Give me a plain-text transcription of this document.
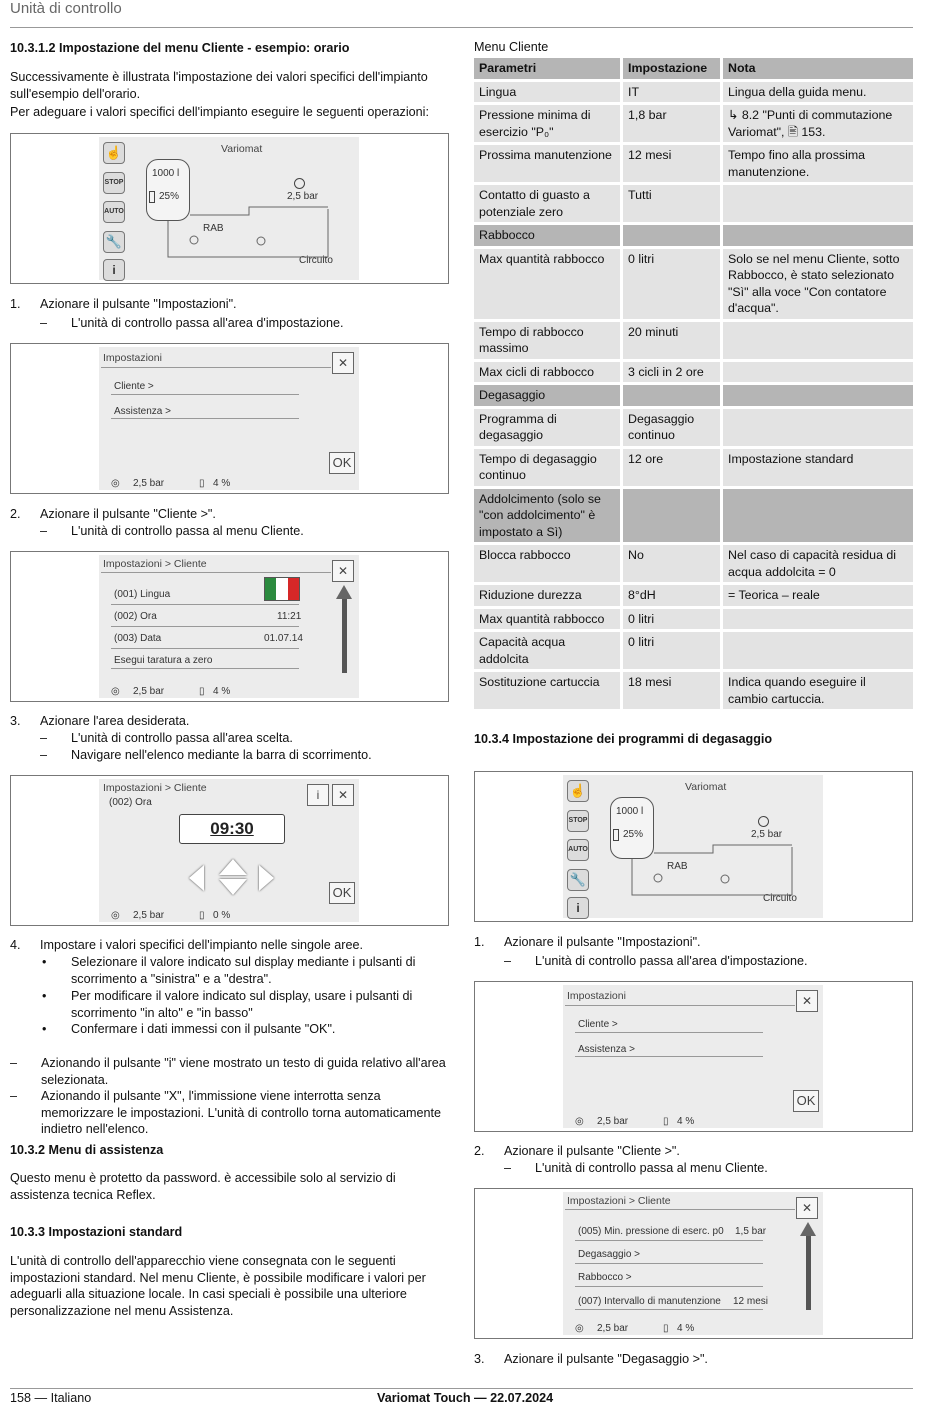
Unità di controllo
10.3.1.2 Impostazione del menu Cliente - esempio: orario

Successivamente è illustrata l'impostazione dei valori specifici dell'impianto sull'esempio dell'orario.

Per adeguare i valori specifici dell'impianto eseguire le seguenti operazioni:

☝
STOP
AUTO
🔧
i
Variomat
1000 l
25%	2,5 bar
RAB
Circuito
1. Azionare il pulsante "Impostazioni".
– L'unità di controllo passa all'area d'impostazione.
Impostazioni
Cliente >
Assistenza >
✕
OK
◎ 2,5 bar	▯ 4 %
2. Azionare il pulsante "Cliente >".
– L'unità di controllo passa al menu Cliente.
Impostazioni > Cliente
(001) Lingua
(002) Ora	11:21
(003) Data	01.07.14
Esegui taratura a zero
✕
◎ 2,5 bar	▯ 4 %
3. Azionare l'area desiderata.
– L'unità di controllo passa all'area scelta.
– Navigare nell'elenco mediante la barra di scorrimento.
Impostazioni > Cliente
(002) Ora
09:30
i	✕
OK
◎ 2,5 bar	▯ 0 %
4. Impostare i valori specifici dell'impianto nelle singole aree.
• Selezionare il valore indicato sul display mediante i pulsanti di scorrimento a "sinistra" e a "destra".
• Per modificare il valore indicato sul display, usare i pulsanti di scorrimento "in alto" e "in basso"
• Confermare i dati immessi con il pulsante "OK".
– Azionando il pulsante "i" viene mostrato un testo di guida relativo all'area selezionata.
– Azionando il pulsante "X", l'immissione viene interrotta senza memorizzare le impostazioni. L'unità di controllo torna automaticamente indietro nell'elenco.
10.3.2 Menu di assistenza

Questo menu è protetto da password. è accessibile solo al servizio di assistenza tecnica Reflex.

10.3.3 Impostazioni standard

L'unità di controllo dell'apparecchio viene consegnata con le seguenti impostazioni standard. Nel menu Cliente, è possibile modificare i valori per adeguarli alla situazione locale. In casi speciali è possibile una ulteriore personalizzazione nel menu Assistenza.

Menu Cliente
Parametri	Impostazione	Nota
Lingua	IT	Lingua della guida menu.
Pressione minima di esercizio "P₀"	1,8 bar	↳ 8.2 "Punti di commutazione Variomat", 🖹 153.
Prossima manutenzione	12 mesi	Tempo fino alla prossima manutenzione.
Contatto di guasto a potenziale zero	Tutti	
Rabbocco		
Max quantità rabbocco	0 litri	Solo se nel menu Cliente, sotto Rabbocco, è stato selezionato "Sì" alla voce "Con contatore d'acqua".
Tempo di rabbocco massimo	20 minuti	
Max cicli di rabbocco	3 cicli in 2 ore	
Degasaggio		
Programma di degasaggio	Degasaggio continuo	
Tempo di degasaggio continuo	12 ore	Impostazione standard
Addolcimento (solo se "con addolcimento" è impostato a Sì)		
Blocca rabbocco	No	Nel caso di capacità residua di acqua addolcita = 0
Riduzione durezza	8°dH	= Teorica – reale
Max quantità rabbocco	0 litri	
Capacità acqua addolcita	0 litri	
Sostituzione cartuccia	18 mesi	Indica quando eseguire il cambio cartuccia.
10.3.4 Impostazione dei programmi di degasaggio
☝
STOP
AUTO
🔧
i
Variomat
1000 l
25%	2,5 bar
RAB
Circuito
1. Azionare il pulsante "Impostazioni".
– L'unità di controllo passa all'area d'impostazione.
Impostazioni
Cliente >
Assistenza >
✕
OK
◎ 2,5 bar	▯ 4 %
2. Azionare il pulsante "Cliente >".
– L'unità di controllo passa al menu Cliente.
Impostazioni > Cliente
(005) Min. pressione di eserc. p0 1,5 bar
Degasaggio >
Rabbocco >
(007) Intervallo di manutenzione 12 mesi
✕
◎ 2,5 bar	▯ 4 %
3. Azionare il pulsante "Degasaggio >".
158 — Italiano	Variomat Touch — 22.07.2024
